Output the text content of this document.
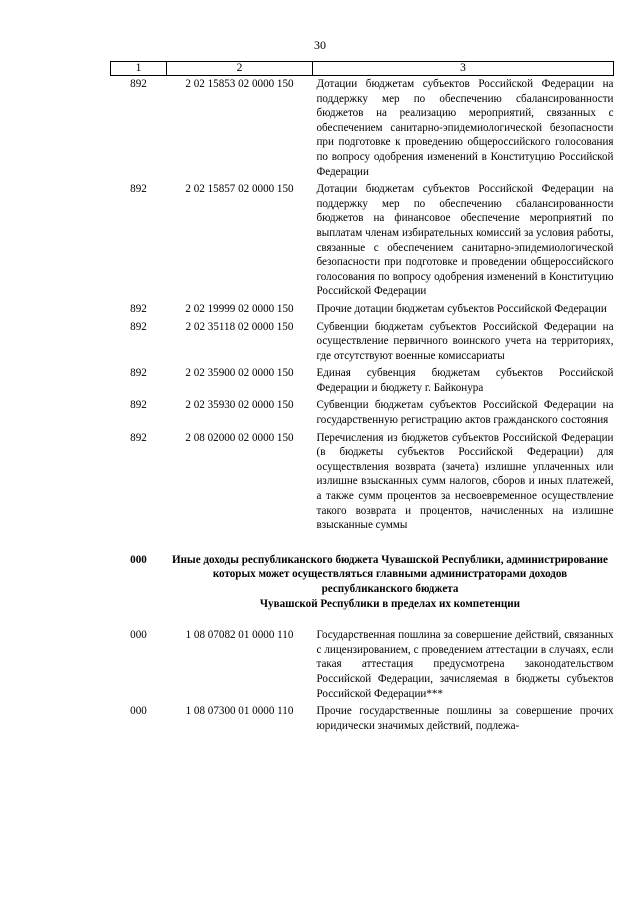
30
1	2	3
892	2 02 15853 02 0000 150	Дотации бюджетам субъектов Российской Федерации на поддержку мер по обеспечению сбалансированности бюджетов на реализацию мероприятий, связанных с обеспечением санитарно-эпидемиологической безопасности при подготовке к проведению общероссийского голосования по вопросу одобрения изменений в Конституцию Российской Федерации
892	2 02 15857 02 0000 150	Дотации бюджетам субъектов Российской Федерации на поддержку мер по обеспечению сбалансированности бюджетов на финансовое обеспечение мероприятий по выплатам членам избирательных комиссий за условия работы, связанные с обеспечением санитарно-эпидемиологической безопасности при подготовке и проведении общероссийского голосования по вопросу одобрения изменений в Конституцию Российской Федерации
892	2 02 19999 02 0000 150	Прочие дотации бюджетам субъектов Российской Федерации
892	2 02 35118 02 0000 150	Субвенции бюджетам субъектов Российской Федерации на осуществление первичного воинского учета на территориях, где отсутствуют военные комиссариаты
892	2 02 35900 02 0000 150	Единая субвенция бюджетам субъектов Российской Федерации и бюджету г. Байконура
892	2 02 35930 02 0000 150	Субвенции бюджетам субъектов Российской Федерации на государственную регистрацию актов гражданского состояния
892	2 08 02000 02 0000 150	Перечисления из бюджетов субъектов Российской Федерации (в бюджеты субъектов Российской Федерации) для осуществления возврата (зачета) излишне уплаченных или излишне взысканных сумм налогов, сборов и иных платежей, а также сумм процентов за несвоевременное осуществление такого возврата и процентов, начисленных на излишне взысканные суммы
000	Иные доходы республиканского бюджета Чувашской Республики, администрирование которых может осуществляться главными администраторами доходов республиканского бюджета
Чувашской Республики в пределах их компетенции	
000	1 08 07082 01 0000 110	Государственная пошлина за совершение действий, связанных с лицензированием, с проведением аттестации в случаях, если такая аттестация предусмотрена законодательством Российской Федерации, зачисляемая в бюджеты субъектов Российской Федерации***
000	1 08 07300 01 0000 110	Прочие государственные пошлины за совершение прочих юридически значимых действий, подлежа-
